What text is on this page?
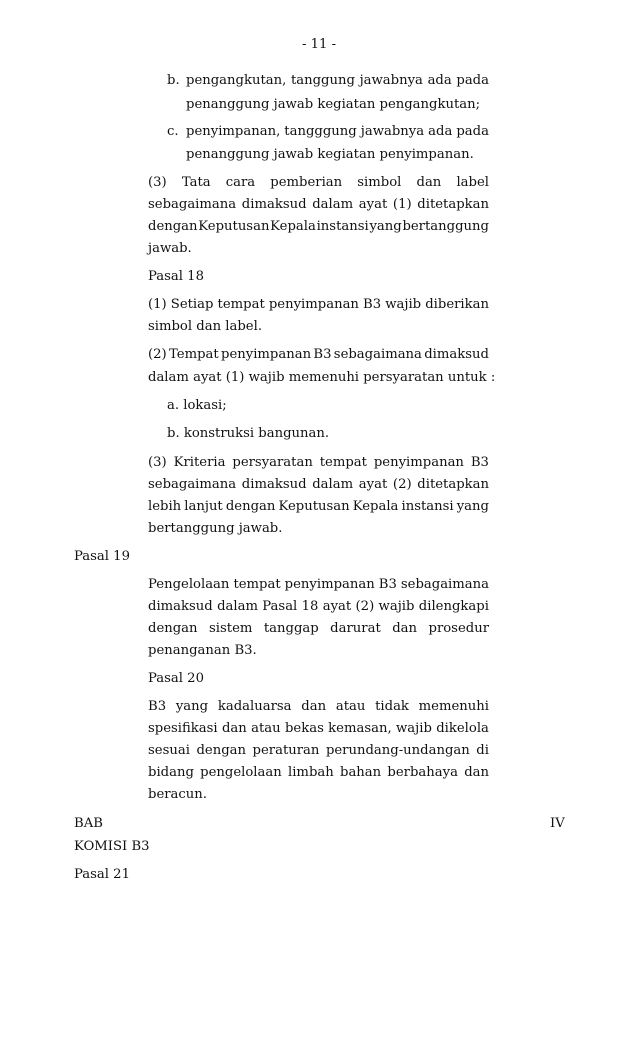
- 11 -
b. pengangkutan, tanggung jawabnya ada pada
penanggung jawab kegiatan pengangkutan;
c. penyimpanan, tangggung jawabnya ada pada
penanggung jawab kegiatan penyimpanan.
(3) Tata cara pemberian simbol dan label
sebagaimana dimaksud dalam ayat (1) ditetapkan
dengan Keputusan Kepala instansi yang bertanggung
jawab.
Pasal 18
(1) Setiap tempat penyimpanan B3 wajib diberikan
simbol dan label.
(2) Tempat penyimpanan B3 sebagaimana dimaksud
dalam ayat (1) wajib memenuhi persyaratan untuk :
a. lokasi;
b. konstruksi bangunan.
(3) Kriteria persyaratan tempat penyimpanan B3
sebagaimana dimaksud dalam ayat (2) ditetapkan
lebih lanjut dengan Keputusan Kepala instansi yang
bertanggung jawab.
Pasal 19
Pengelolaan tempat penyimpanan B3 sebagaimana
dimaksud dalam Pasal 18 ayat (2) wajib dilengkapi
dengan sistem tanggap darurat dan prosedur
penanganan B3.
Pasal 20
B3 yang kadaluarsa dan atau tidak memenuhi
spesifikasi dan atau bekas kemasan, wajib dikelola
sesuai dengan peraturan perundang-undangan di
bidang pengelolaan limbah bahan berbahaya dan
beracun.
BAB	IV
KOMISI B3
Pasal 21
